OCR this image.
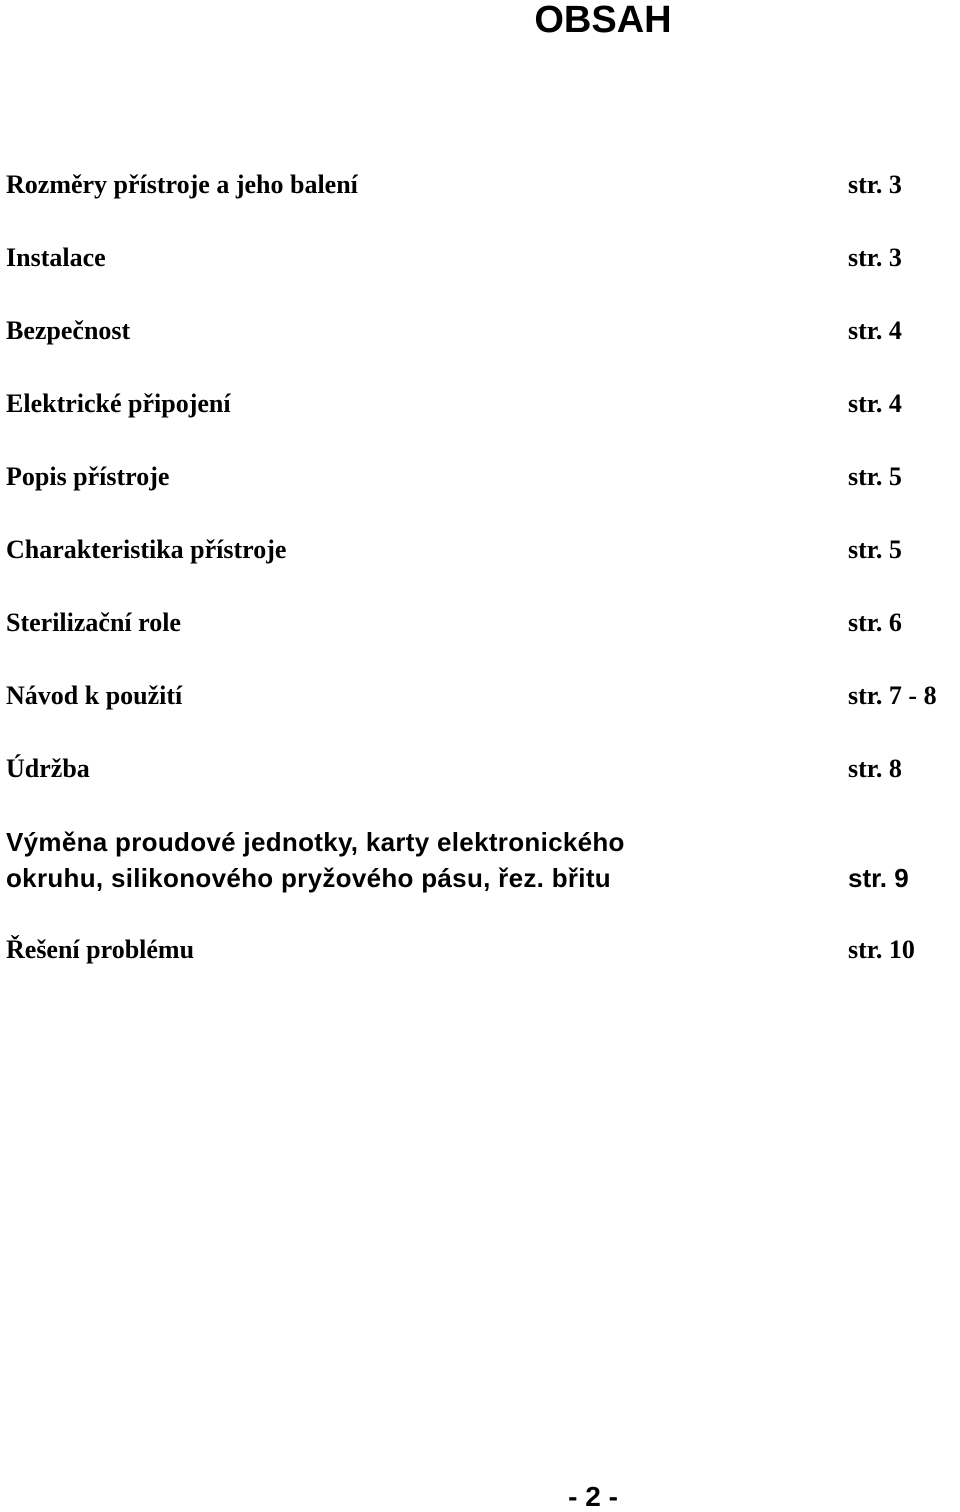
OBSAH
Rozměry přístroje a jeho balení	str. 3
Instalace	str. 3
Bezpečnost	str. 4
Elektrické připojení	str. 4
Popis přístroje	str. 5
Charakteristika přístroje	str. 5
Sterilizační role	str. 6
Návod k použití	str. 7 - 8
Údržba	str. 8
Výměna proudové jednotky, karty elektronického
okruhu, silikonového pryžového pásu, řez. břitu	str. 9
Řešení problému	str. 10
- 2 -
